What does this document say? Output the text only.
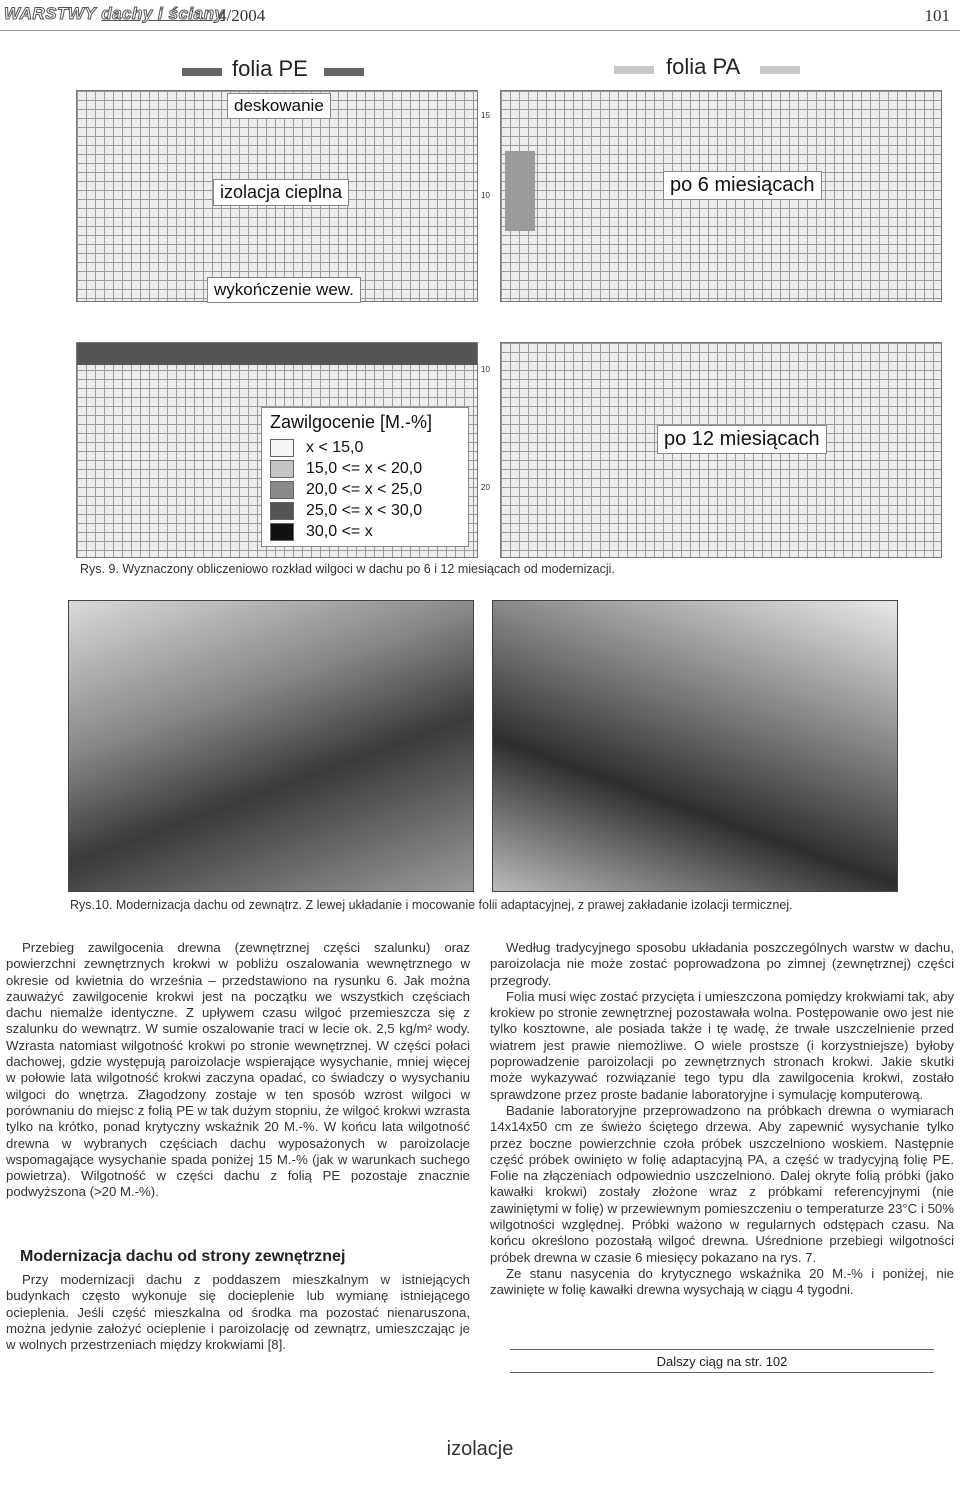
WARSTWY dachy i ściany
4/2004	101
folia PE	folia PA
deskowanie
izolacja cieplna
wykończenie wew.
15
10	po 6 miesiącach
Zawilgocenie [M.-%]
x < 15,0
15,0 <= x < 20,0
20,0 <= x < 25,0
25,0 <= x < 30,0
30,0 <= x
10
20
po 12 miesiącach
Rys. 9. Wyznaczony obliczeniowo rozkład wilgoci w dachu po 6 i 12 miesiącach od modernizacji.
Rys.10. Modernizacja dachu od zewnątrz. Z lewej układanie i mocowanie folii adaptacyjnej, z prawej zakładanie izolacji termicznej.

Przebieg zawilgocenia drewna (zewnętrznej części szalunku) oraz powierzchni zewnętrznych krokwi w pobliżu oszalowania wewnętrznego w okresie od kwietnia do września – przedstawiono na rysunku 6. Jak można zauważyć zawilgocenie krokwi jest na początku we wszystkich częściach dachu niemalże identyczne. Z upływem czasu wilgoć przemieszcza się z szalunku do wewnątrz. W sumie oszalowanie traci w lecie ok. 2,5 kg/m² wody. Wzrasta natomiast wilgotność krokwi po stronie wewnętrznej. W części połaci dachowej, gdzie występują paroizolacje wspierające wysychanie, mniej więcej w połowie lata wilgotność krokwi zaczyna opadać, co świadczy o wysychaniu wilgoci do wnętrza. Złagodzony zostaje w ten sposób wzrost wilgoci w porównaniu do miejsc z folią PE w tak dużym stopniu, że wilgoć krokwi wzrasta tylko na krótko, ponad krytyczny wskaźnik 20 M.-%. W końcu lata wilgotność drewna w wybranych częściach dachu wyposażonych w paroizolacje wspomagające wysychanie spada poniżej 15 M.-% (jak w warunkach suchego powietrza). Wilgotność w części dachu z folią PE pozostaje znacznie podwyższona (>20 M.-%).

Modernizacja dachu od strony zewnętrznej

Przy modernizacji dachu z poddaszem mieszkalnym w istniejących budynkach często wykonuje się docieplenie lub wymianę istniejącego ocieplenia. Jeśli część mieszkalna od środka ma pozostać nienaruszona, można jedynie założyć ocieplenie i paroizolację od zewnątrz, umieszczając je w wolnych przestrzeniach między krokwiami [8].

Według tradycyjnego sposobu układania poszczególnych warstw w dachu, paroizolacja nie może zostać poprowadzona po zimnej (zewnętrznej) części przegrody.

Folia musi więc zostać przycięta i umieszczona pomiędzy krokwiami tak, aby krokiew po stronie zewnętrznej pozostawała wolna. Postępowanie owo jest nie tylko kosztowne, ale posiada także i tę wadę, że trwałe uszczelnienie przed wiatrem jest prawie niemożliwe. O wiele prostsze (i korzystniejsze) byłoby poprowadzenie paroizolacji po zewnętrznych stronach krokwi. Jakie skutki może wykazywać rozwiązanie tego typu dla zawilgocenia krokwi, zostało sprawdzone przez proste badanie laboratoryjne i symulację komputerową.

Badanie laboratoryjne przeprowadzono na próbkach drewna o wymiarach 14x14x50 cm ze świeżo ściętego drzewa. Aby zapewnić wysychanie tylko przez boczne powierzchnie czoła próbek uszczelniono woskiem. Następnie część próbek owinięto w folię adaptacyjną PA, a część w tradycyjną folię PE. Folie na złączeniach odpowiednio uszczelniono. Dalej okryte folią próbki (jako kawałki krokwi) zostały złożone wraz z próbkami referencyjnymi (nie zawiniętymi w folię) w przewiewnym pomieszczeniu o temperaturze 23°C i 50% wilgotności względnej. Próbki ważono w regularnych odstępach czasu. Na końcu określono pozostałą wilgoć drewna. Uśrednione przebiegi wilgotności próbek drewna w czasie 6 miesięcy pokazano na rys. 7.

Ze stanu nasycenia do krytycznego wskaźnika 20 M.-% i poniżej, nie zawinięte w folię kawałki drewna wysychają w ciągu 4 tygodni.

Dalszy ciąg na str. 102
izolacje
